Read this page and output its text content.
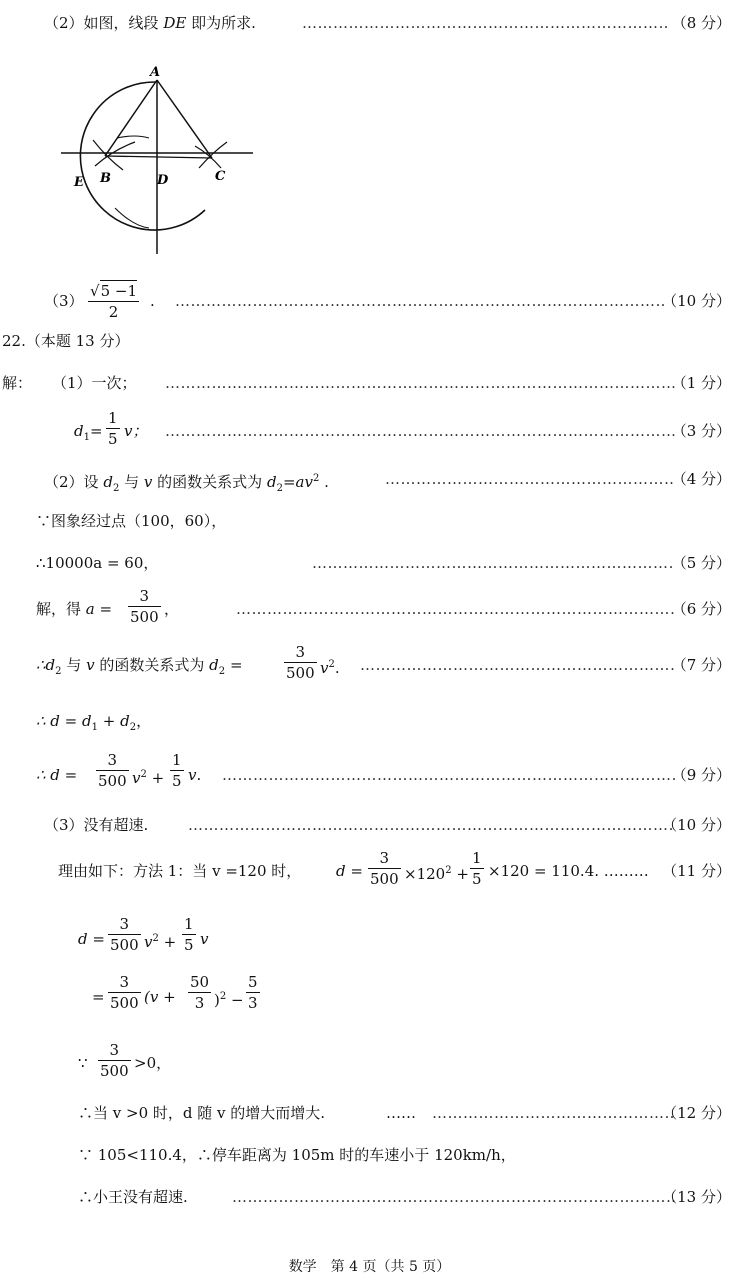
（2）如图，线段 DE 即为所求. …………………………………………………………………………………………………………………………………………………………	（8 分）
A
E B	D	C
$(3) \frac{√5 -1}{2}$ . …………………………………………………………………………………………………………………………………………………………	（10 分）
22.（本题 13 分）
解： （1）一次； …………………………………………………………………………………………………………………………………………………………	（1 分）
$d_1= \frac{1}{5}$ v； …………………………………………………………………………………………………………………………………………………………	（3 分）
（2）设 $d_2$ 与 v 的函数关系式为 $d_2=av^2$ . …………………………………………………………………………………………………………………………………………………………	（4 分）
∵图象经过点（100，60），
∴10000a = 60， …………………………………………………………………………………………………………………………………………………………	（5 分）
解，得 $a = \frac{3}{500}$ ， …………………………………………………………………………………………………………………………………………………………	（6 分）
$\therefore d_2$ 与 v 的函数关系式为 $d_2$ =	$\frac{3}{500} v^2$. …………………………………………………………………………………………………………………………………………………………	（7 分）
∴ $d = d_1 + d_2$，
∴ $d = \frac{3}{500} v^2 + \frac{1}{5} v$. …………………………………………………………………………………………………………………………………………………………	（9 分）
（3）没有超速. …………………………………………………………………………………………………………………………………………………………	（10 分）
理由如下：方法 1：当 v =120 时， $d = \frac{3}{500} \times 120^2 + \frac{1}{5} \times 120 = 110.4$. ……… （11 分）
$d = \frac{3}{500} v^2 + \frac{1}{5}$ v
= $\frac{3}{500} (v + \frac{50}{3} )^2 - \frac{5}{3}$
∵ $\frac{3}{500} >0$，
∴当 v >0 时，d 随 v 的增大而增大.	…… …………………………………………………………………………………………………………………………………………………………	（12 分）
∵ 105<110.4，∴停车距离为 105m 时的车速小于 120km/h，
∴小王没有超速. …………………………………………………………………………………………………………………………………………………………	（13 分）
数学　第 4 页（共 5 页）
